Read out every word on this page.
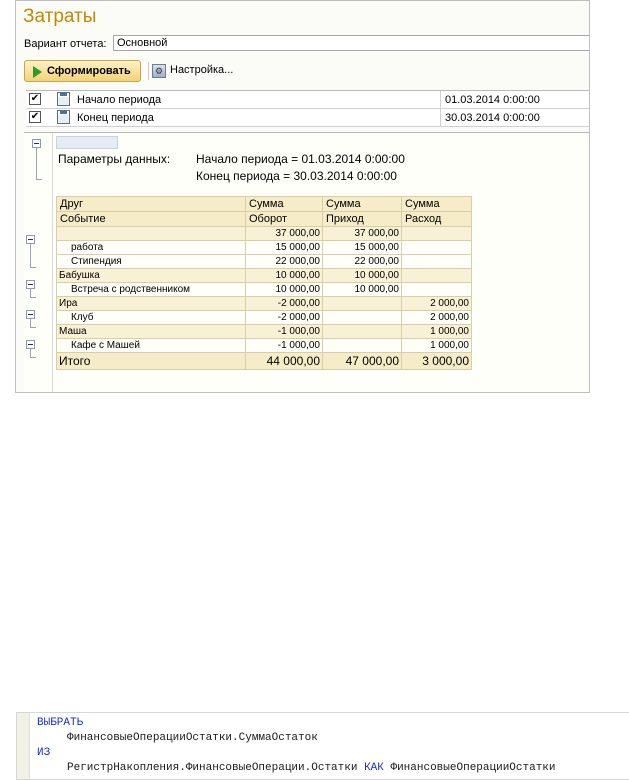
Затраты
Вариант отчета: Основной
Сформировать	⚙ Настройка...
✔	Начало периода	01.03.2014 0:00:00
✔	Конец периода	30.03.2014 0:00:00
Параметры данных: Начало периода = 01.03.2014 0:00:00
Конец периода = 30.03.2014 0:00:00
Друг	Сумма	Сумма	Сумма
Событие	Оборот	Приход	Расход
	37 000,00	37 000,00	
работа	15 000,00	15 000,00	
Стипендия	22 000,00	22 000,00	
Бабушка	10 000,00	10 000,00	
Встреча с родственником	10 000,00	10 000,00	
Ира	-2 000,00		2 000,00
Клуб	-2 000,00		2 000,00
Маша	-1 000,00		1 000,00
Кафе с Машей	-1 000,00		1 000,00
Итого	44 000,00	47 000,00	3 000,00
ВЫБРАТЬ
ФинансовыеОперацииОстатки.СуммаОстаток
ИЗ
РегистрНакопления.ФинансовыеОперации.Остатки КАК ФинансовыеОперацииОстатки
